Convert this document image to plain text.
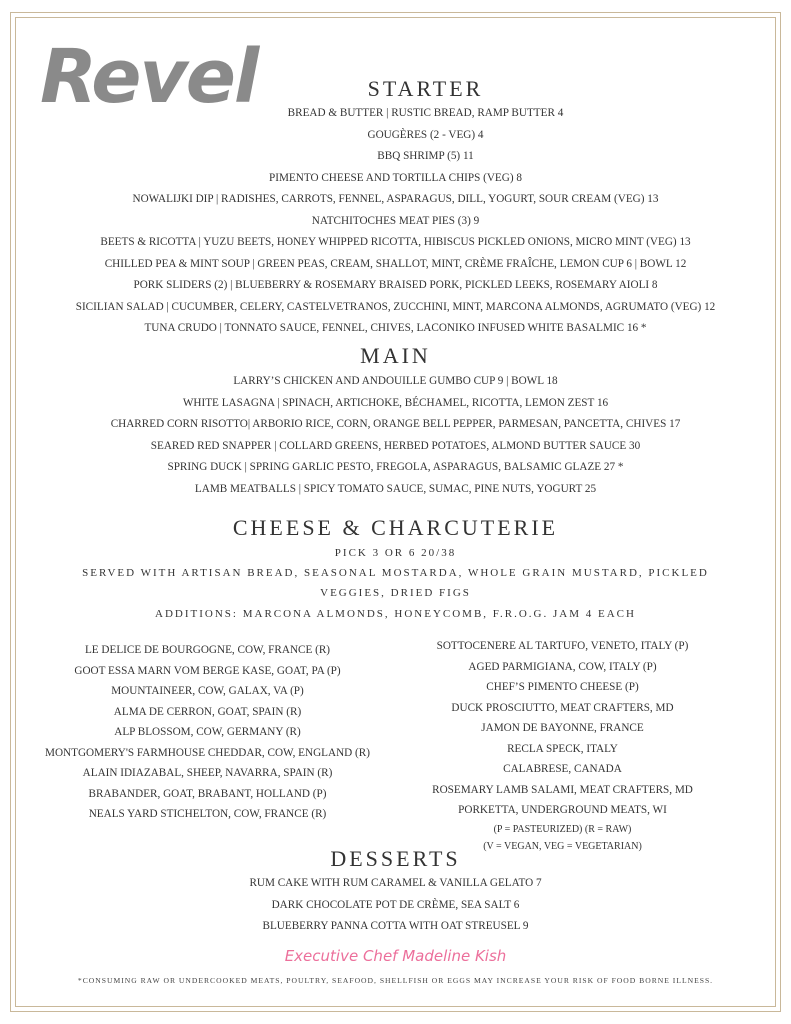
Revel	STARTER
BREAD & BUTTER | RUSTIC BREAD, RAMP BUTTER 4
GOUGÈRES (2 - VEG) 4
BBQ SHRIMP (5) 11
PIMENTO CHEESE AND TORTILLA CHIPS (VEG) 8
NOWALIJKI DIP | RADISHES, CARROTS, FENNEL, ASPARAGUS, DILL, YOGURT, SOUR CREAM (VEG) 13
NATCHITOCHES MEAT PIES (3) 9
BEETS & RICOTTA | YUZU BEETS, HONEY WHIPPED RICOTTA, HIBISCUS PICKLED ONIONS, MICRO MINT (VEG) 13
CHILLED PEA & MINT SOUP | GREEN PEAS, CREAM, SHALLOT, MINT, CRÈME FRAÎCHE, LEMON CUP 6 | BOWL 12
PORK SLIDERS (2) | BLUEBERRY & ROSEMARY BRAISED PORK, PICKLED LEEKS, ROSEMARY AIOLI 8
SICILIAN SALAD | CUCUMBER, CELERY, CASTELVETRANOS, ZUCCHINI, MINT, MARCONA ALMONDS, AGRUMATO (VEG) 12
TUNA CRUDO | TONNATO SAUCE, FENNEL, CHIVES, LACONIKO INFUSED WHITE BASALMIC 16 *
MAIN
LARRY’S CHICKEN AND ANDOUILLE GUMBO CUP 9 | BOWL 18
WHITE LASAGNA | SPINACH, ARTICHOKE, BÉCHAMEL, RICOTTA, LEMON ZEST 16
CHARRED CORN RISOTTO| ARBORIO RICE, CORN, ORANGE BELL PEPPER, PARMESAN, PANCETTA, CHIVES 17
SEARED RED SNAPPER | COLLARD GREENS, HERBED POTATOES, ALMOND BUTTER SAUCE 30
SPRING DUCK | SPRING GARLIC PESTO, FREGOLA, ASPARAGUS, BALSAMIC GLAZE 27 *
LAMB MEATBALLS | SPICY TOMATO SAUCE, SUMAC, PINE NUTS, YOGURT 25
CHEESE & CHARCUTERIE
PICK 3 OR 6 20/38
SERVED WITH ARTISAN BREAD, SEASONAL MOSTARDA, WHOLE GRAIN MUSTARD, PICKLED
VEGGIES, DRIED FIGS
ADDITIONS: MARCONA ALMONDS, HONEYCOMB, F.R.O.G. JAM 4 EACH
LE DELICE DE BOURGOGNE, COW, FRANCE (R)
GOOT ESSA MARN VOM BERGE KASE, GOAT, PA (P)
MOUNTAINEER, COW, GALAX, VA (P)
ALMA DE CERRON, GOAT, SPAIN (R)
ALP BLOSSOM, COW, GERMANY (R)
MONTGOMERY'S FARMHOUSE CHEDDAR, COW, ENGLAND (R)
ALAIN IDIAZABAL, SHEEP, NAVARRA, SPAIN (R)
BRABANDER, GOAT, BRABANT, HOLLAND (P)
NEALS YARD STICHELTON, COW, FRANCE (R)
SOTTOCENERE AL TARTUFO, VENETO, ITALY (P)
AGED PARMIGIANA, COW, ITALY (P)
CHEF’S PIMENTO CHEESE (P)
DUCK PROSCIUTTO, MEAT CRAFTERS, MD
JAMON DE BAYONNE, FRANCE
RECLA SPECK, ITALY
CALABRESE, CANADA
ROSEMARY LAMB SALAMI, MEAT CRAFTERS, MD
PORKETTA, UNDERGROUND MEATS, WI
(P = PASTEURIZED) (R = RAW)
(V = VEGAN, VEG = VEGETARIAN)
DESSERTS
RUM CAKE WITH RUM CARAMEL & VANILLA GELATO 7
DARK CHOCOLATE POT DE CRÈME, SEA SALT 6
BLUEBERRY PANNA COTTA WITH OAT STREUSEL 9
Executive Chef Madeline Kish
*CONSUMING RAW OR UNDERCOOKED MEATS, POULTRY, SEAFOOD, SHELLFISH OR EGGS MAY INCREASE YOUR RISK OF FOOD BORNE ILLNESS.
